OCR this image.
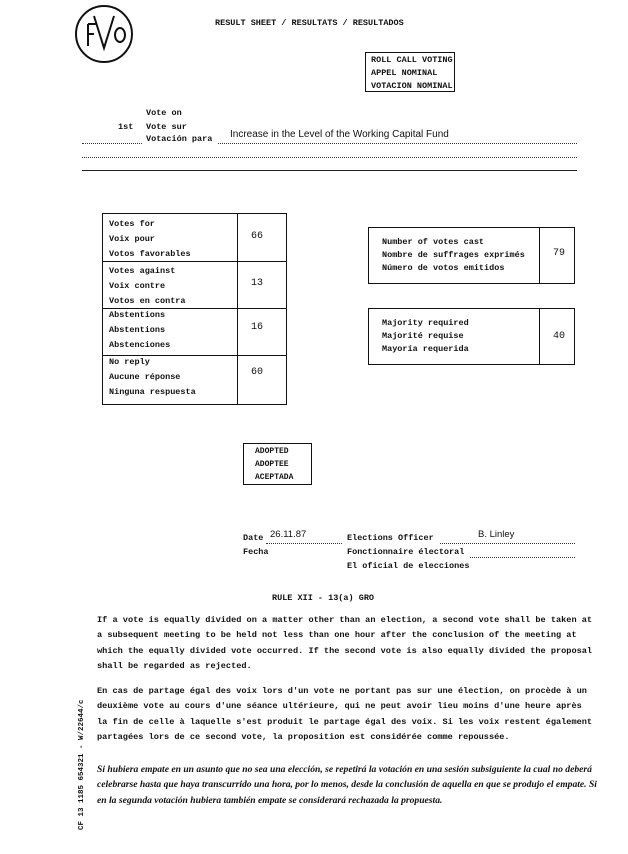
RESULT SHEET / RESULTATS / RESULTADOS
ROLL CALL VOTING
APPEL NOMINAL
VOTACION NOMINAL
Vote on
1st Vote sur
Votación para Increase in the Level of the Working Capital Fund
Votes for
Voix pour
Votos favorables
66
Votes against
Voix contre
Votos en contra
13
Abstentions
Abstentions
Abstenciones
16
No reply
Aucune réponse
Ninguna respuesta
60
Number of votes cast
Nombre de suffrages exprimés
Número de votos emitidos
79
Majority required
Majorité requise
Mayoría requerida
40
ADOPTED
ADOPTEE
ACEPTADA
Date 26.11.87
Fecha
Elections Officer	B. Linley
Fonctionnaire électoral
El oficial de elecciones
RULE XII - 13(a) GRO
If a vote is equally divided on a matter other than an election, a second vote shall be taken at a subsequent meeting to be held not less than one hour after the conclusion of the meeting at which the equally divided vote occurred. If the second vote is also equally divided the proposal shall be regarded as rejected.
En cas de partage égal des voix lors d'un vote ne portant pas sur une élection, on procède à un deuxième vote au cours d'une séance ultérieure, qui ne peut avoir lieu moins d'une heure après la fin de celle à laquelle s'est produit le partage égal des voix. Si les voix restent également partagées lors de ce second vote, la proposition est considérée comme repoussée.
Si hubiera empate en un asunto que no sea una elección, se repetirá la votación en una sesión subsiguiente la cual no deberá celebrarse hasta que haya transcurrido una hora, por lo menos, desde la conclusión de aquella en que se produjo el empate. Si en la segunda votación hubiera también empate se considerará rechazada la propuesta.
CF 13 1185 654321 - W/22644/c
